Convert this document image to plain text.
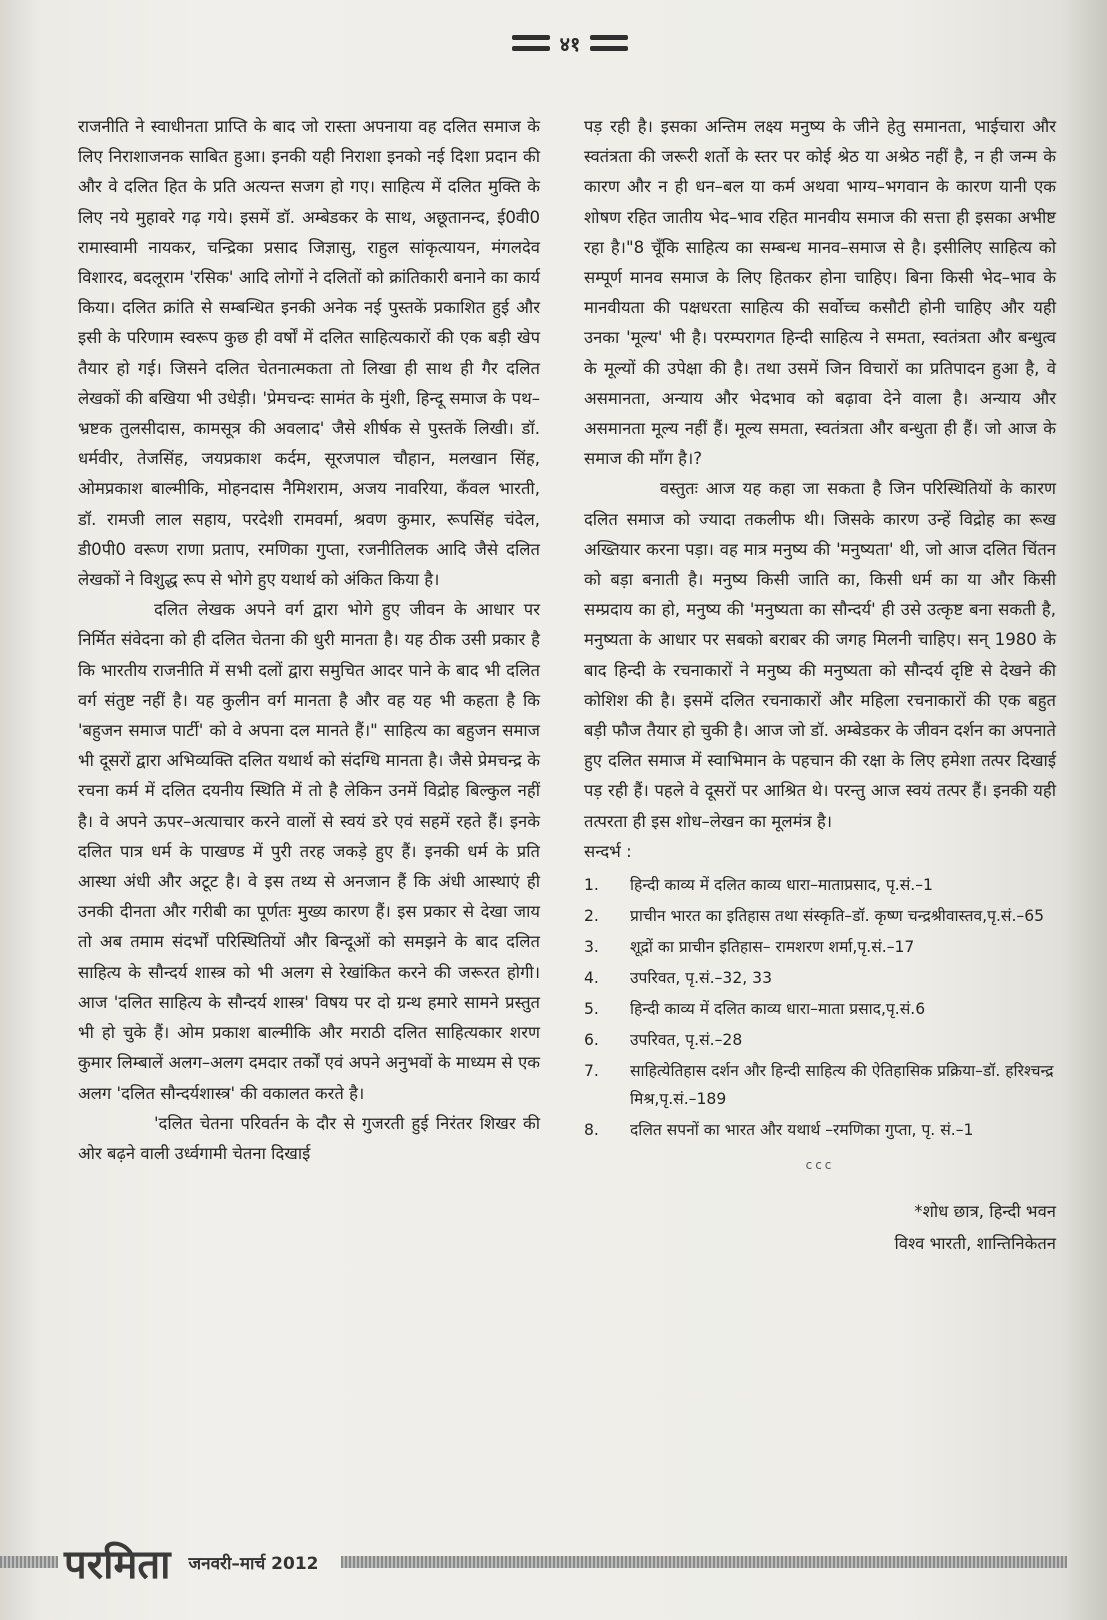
४१

राजनीति ने स्वाधीनता प्राप्ति के बाद जो रास्ता अपनाया वह दलित समाज के लिए निराशाजनक साबित हुआ। इनकी यही निराशा इनको नई दिशा प्रदान की और वे दलित हित के प्रति अत्यन्त सजग हो गए। साहित्य में दलित मुक्ति के लिए नये मुहावरे गढ़ गये। इसमें डॉ. अम्बेडकर के साथ, अछूतानन्द, ई0वी0 रामास्वामी नायकर, चन्द्रिका प्रसाद जिज्ञासु, राहुल सांकृत्यायन, मंगलदेव विशारद, बदलूराम 'रसिक' आदि लोगों ने दलितों को क्रांतिकारी बनाने का कार्य किया। दलित क्रांति से सम्बन्धित इनकी अनेक नई पुस्तकें प्रकाशित हुई और इसी के परिणाम स्वरूप कुछ ही वर्षों में दलित साहित्यकारों की एक बड़ी खेप तैयार हो गई। जिसने दलित चेतनात्मकता तो लिखा ही साथ ही गैर दलित लेखकों की बखिया भी उधेड़ी। 'प्रेमचन्दः सामंत के मुंशी, हिन्दू समाज के पथ–भ्रष्टक तुलसीदास, कामसूत्र की अवलाद' जैसे शीर्षक से पुस्तकें लिखी। डॉ. धर्मवीर, तेजसिंह, जयप्रकाश कर्दम, सूरजपाल चौहान, मलखान सिंह, ओमप्रकाश बाल्मीकि, मोहनदास नैमिशराम, अजय नावरिया, कँवल भारती, डॉ. रामजी लाल सहाय, परदेशी रामवर्मा, श्रवण कुमार, रूपसिंह चंदेल, डी0पी0 वरूण राणा प्रताप, रमणिका गुप्ता, रजनीतिलक आदि जैसे दलित लेखकों ने विशुद्ध रूप से भोगे हुए यथार्थ को अंकित किया है।

दलित लेखक अपने वर्ग द्वारा भोगे हुए जीवन के आधार पर निर्मित संवेदना को ही दलित चेतना की धुरी मानता है। यह ठीक उसी प्रकार है कि भारतीय राजनीति में सभी दलों द्वारा समुचित आदर पाने के बाद भी दलित वर्ग संतुष्ट नहीं है। यह कुलीन वर्ग मानता है और वह यह भी कहता है कि 'बहुजन समाज पार्टी' को वे अपना दल मानते हैं।" साहित्य का बहुजन समाज भी दूसरों द्वारा अभिव्यक्ति दलित यथार्थ को संदग्धि मानता है। जैसे प्रेमचन्द्र के रचना कर्म में दलित दयनीय स्थिति में तो है लेकिन उनमें विद्रोह बिल्कुल नहीं है। वे अपने ऊपर–अत्याचार करने वालों से स्वयं डरे एवं सहमें रहते हैं। इनके दलित पात्र धर्म के पाखण्ड में पुरी तरह जकड़े हुए हैं। इनकी धर्म के प्रति आस्था अंधी और अटूट है। वे इस तथ्य से अनजान हैं कि अंधी आस्थाएं ही उनकी दीनता और गरीबी का पूर्णतः मुख्य कारण हैं। इस प्रकार से देखा जाय तो अब तमाम संदर्भों परिस्थितियों और बिन्दूओं को समझने के बाद दलित साहित्य के सौन्दर्य शास्त्र को भी अलग से रेखांकित करने की जरूरत होगी। आज 'दलित साहित्य के सौन्दर्य शास्त्र' विषय पर दो ग्रन्थ हमारे सामने प्रस्तुत भी हो चुके हैं। ओम प्रकाश बाल्मीकि और मराठी दलित साहित्यकार शरण कुमार लिम्बालें अलग–अलग दमदार तर्कों एवं अपने अनुभवों के माध्यम से एक अलग 'दलित सौन्दर्यशास्त्र' की वकालत करते है।

'दलित चेतना परिवर्तन के दौर से गुजरती हुई निरंतर शिखर की ओर बढ़ने वाली उर्ध्वगामी चेतना दिखाई

पड़ रही है। इसका अन्तिम लक्ष्य मनुष्य के जीने हेतु समानता, भाईचारा और स्वतंत्रता की जरूरी शर्तो के स्तर पर कोई श्रेठ या अश्रेठ नहीं है, न ही जन्म के कारण और न ही धन–बल या कर्म अथवा भाग्य–भगवान के कारण यानी एक शोषण रहित जातीय भेद–भाव रहित मानवीय समाज की सत्ता ही इसका अभीष्ट रहा है।"8 चूँकि साहित्य का सम्बन्ध मानव–समाज से है। इसीलिए साहित्य को सम्पूर्ण मानव समाज के लिए हितकर होना चाहिए। बिना किसी भेद–भाव के मानवीयता की पक्षधरता साहित्य की सर्वोच्च कसौटी होनी चाहिए और यही उनका 'मूल्य' भी है। परम्परागत हिन्दी साहित्य ने समता, स्वतंत्रता और बन्धुत्व के मूल्यों की उपेक्षा की है। तथा उसमें जिन विचारों का प्रतिपादन हुआ है, वे असमानता, अन्याय और भेदभाव को बढ़ावा देने वाला है। अन्याय और असमानता मूल्य नहीं हैं। मूल्य समता, स्वतंत्रता और बन्धुता ही हैं। जो आज के समाज की माँग है।?

वस्तुतः आज यह कहा जा सकता है जिन परिस्थितियों के कारण दलित समाज को ज्यादा तकलीफ थी। जिसके कारण उन्हें विद्रोह का रूख अख्तियार करना पड़ा। वह मात्र मनुष्य की 'मनुष्यता' थी, जो आज दलित चिंतन को बड़ा बनाती है। मनुष्य किसी जाति का, किसी धर्म का या और किसी सम्प्रदाय का हो, मनुष्य की 'मनुष्यता का सौन्दर्य' ही उसे उत्कृष्ट बना सकती है, मनुष्यता के आधार पर सबको बराबर की जगह मिलनी चाहिए। सन् 1980 के बाद हिन्दी के रचनाकारों ने मनुष्य की मनुष्यता को सौन्दर्य दृष्टि से देखने की कोशिश की है। इसमें दलित रचनाकारों और महिला रचनाकारों की एक बहुत बड़ी फौज तैयार हो चुकी है। आज जो डॉ. अम्बेडकर के जीवन दर्शन का अपनाते हुए दलित समाज में स्वाभिमान के पहचान की रक्षा के लिए हमेशा तत्पर दिखाई पड़ रही हैं। पहले वे दूसरों पर आश्रित थे। परन्तु आज स्वयं तत्पर हैं। इनकी यही तत्परता ही इस शोध–लेखन का मूलमंत्र है।

सन्दर्भ :

1.	हिन्दी काव्य में दलित काव्य धारा–माताप्रसाद, पृ.सं.–1
2.	प्राचीन भारत का इतिहास तथा संस्कृति–डॉ. कृष्ण चन्द्रश्रीवास्तव,पृ.सं.–65
3.	शूद्रों का प्राचीन इतिहास– रामशरण शर्मा,पृ.सं.–17
4.	उपरिवत, पृ.सं.–32, 33
5.	हिन्दी काव्य में दलित काव्य धारा–माता प्रसाद,पृ.सं.6
6.	उपरिवत, पृ.सं.–28
7.	साहित्येतिहास दर्शन और हिन्दी साहित्य की ऐतिहासिक प्रक्रिया–डॉ. हरिश्चन्द्र मिश्र,पृ.सं.–189
8.	दलित सपनों का भारत और यथार्थ –रमणिका गुप्ता, पृ. सं.–1
ccc
*शोध छात्र, हिन्दी भवन
विश्व भारती, शान्तिनिकेतन
परमिता जनवरी–मार्च 2012
